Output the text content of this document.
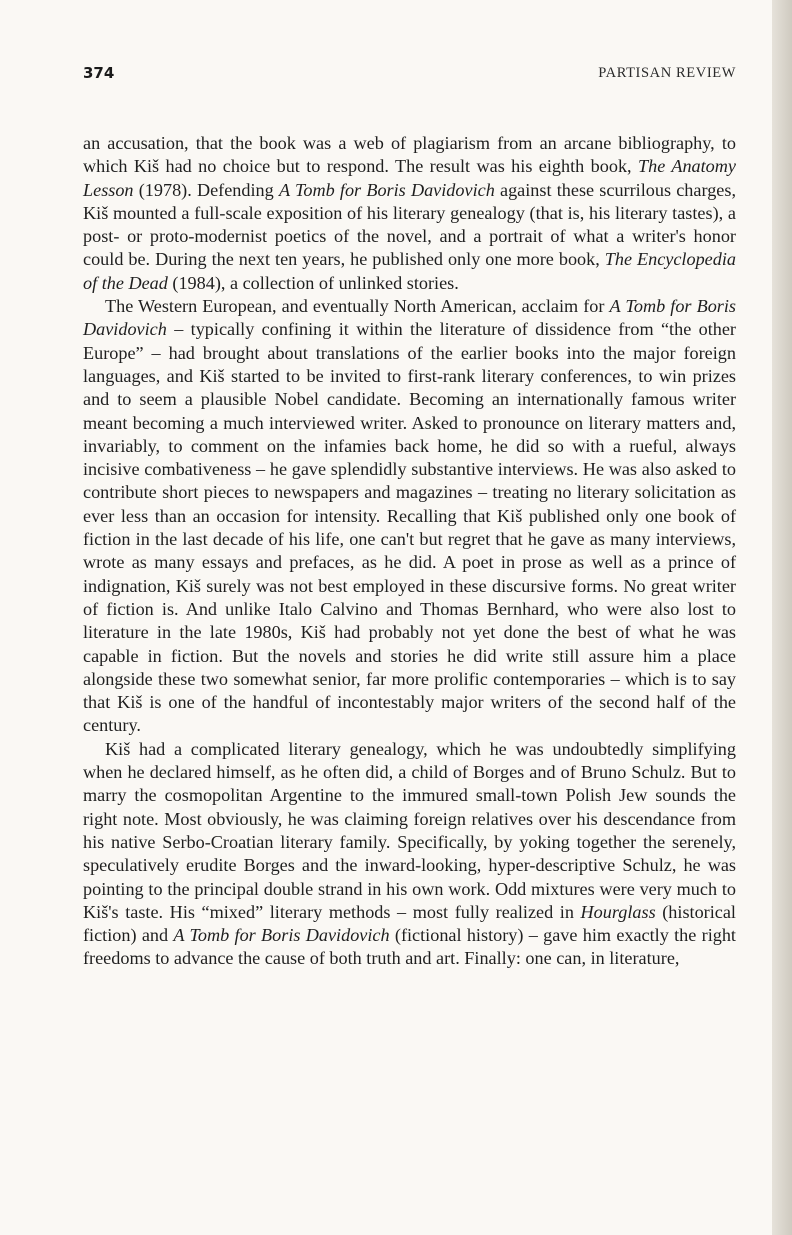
374	PARTISAN REVIEW

an accusation, that the book was a web of plagiarism from an arcane bibliography, to which Kiš had no choice but to respond. The result was his eighth book, The Anatomy Lesson (1978). Defending A Tomb for Boris Davidovich against these scurrilous charges, Kiš mounted a full-scale exposition of his literary genealogy (that is, his literary tastes), a post- or proto-modernist poetics of the novel, and a portrait of what a writer's honor could be. During the next ten years, he published only one more book, The Encyclopedia of the Dead (1984), a collection of unlinked stories.

The Western European, and eventually North American, acclaim for A Tomb for Boris Davidovich – typically confining it within the literature of dissidence from “the other Europe” – had brought about translations of the earlier books into the major foreign languages, and Kiš started to be invited to first-rank literary conferences, to win prizes and to seem a plausible Nobel candidate. Becoming an internationally famous writer meant becoming a much interviewed writer. Asked to pronounce on literary matters and, invariably, to comment on the infamies back home, he did so with a rueful, always incisive combativeness – he gave splendidly substantive interviews. He was also asked to contribute short pieces to newspapers and magazines – treating no literary solicitation as ever less than an occasion for intensity. Recalling that Kiš published only one book of fiction in the last decade of his life, one can't but regret that he gave as many interviews, wrote as many essays and prefaces, as he did. A poet in prose as well as a prince of indignation, Kiš surely was not best employed in these discursive forms. No great writer of fiction is. And unlike Italo Calvino and Thomas Bernhard, who were also lost to literature in the late 1980s, Kiš had probably not yet done the best of what he was capable in fiction. But the novels and stories he did write still assure him a place alongside these two somewhat senior, far more prolific contemporaries – which is to say that Kiš is one of the handful of incontestably major writers of the second half of the century.

Kiš had a complicated literary genealogy, which he was undoubtedly simplifying when he declared himself, as he often did, a child of Borges and of Bruno Schulz. But to marry the cosmopolitan Argentine to the immured small-town Polish Jew sounds the right note. Most obviously, he was claiming foreign relatives over his descendance from his native Serbo-Croatian literary family. Specifically, by yoking together the serenely, speculatively erudite Borges and the inward-looking, hyper-descriptive Schulz, he was pointing to the principal double strand in his own work. Odd mixtures were very much to Kiš's taste. His “mixed” literary methods – most fully realized in Hourglass (historical fiction) and A Tomb for Boris Davidovich (fictional history) – gave him exactly the right freedoms to advance the cause of both truth and art. Finally: one can, in literature,
